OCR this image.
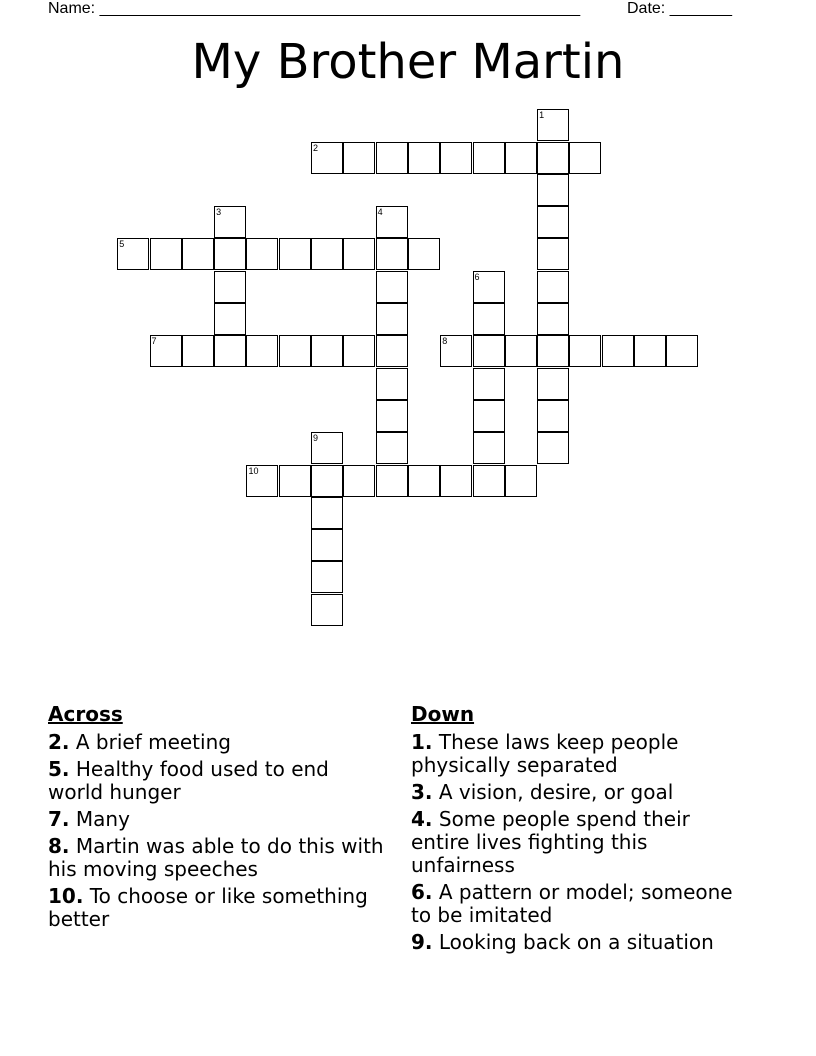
Name: ______________________________________________________	Date: _______
My Brother Martin
1
2
3	4
5
6
7	8
9
10
Across
2. A brief meeting
5. Healthy food used to end world hunger
7. Many
8. Martin was able to do this with his moving speeches
10. To choose or like something better
Down
1. These laws keep people physically separated
3. A vision, desire, or goal
4. Some people spend their entire lives fighting this unfairness
6. A pattern or model; someone to be imitated
9. Looking back on a situation
